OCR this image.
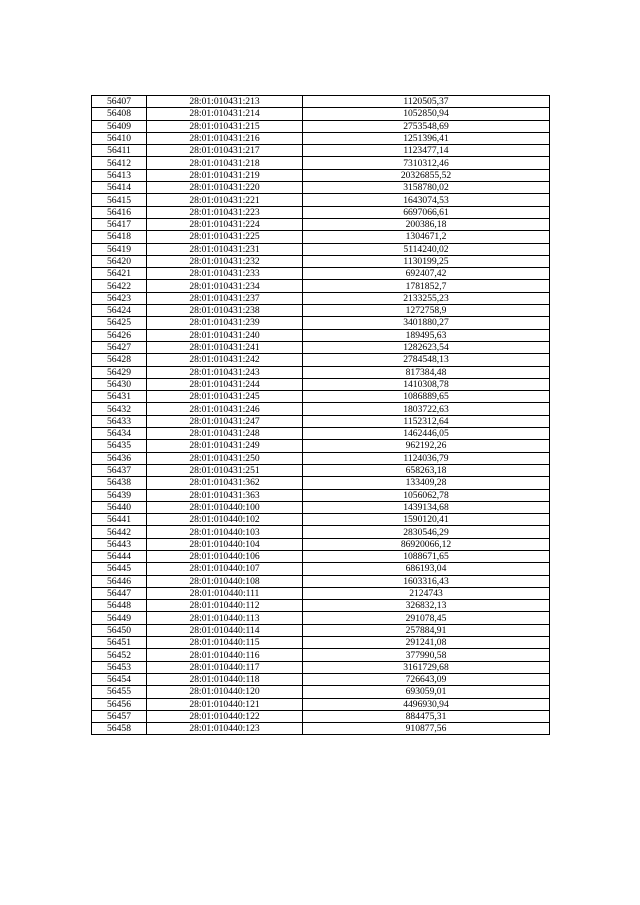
56407	28:01:010431:213	1120505,37
56408	28:01:010431:214	1052850,94
56409	28:01:010431:215	2753548,69
56410	28:01:010431:216	1251396,41
56411	28:01:010431:217	1123477,14
56412	28:01:010431:218	7310312,46
56413	28:01:010431:219	20326855,52
56414	28:01:010431:220	3158780,02
56415	28:01:010431:221	1643074,53
56416	28:01:010431:223	6697066,61
56417	28:01:010431:224	200386,18
56418	28:01:010431:225	1304671,2
56419	28:01:010431:231	5114240,02
56420	28:01:010431:232	1130199,25
56421	28:01:010431:233	692407,42
56422	28:01:010431:234	1781852,7
56423	28:01:010431:237	2133255,23
56424	28:01:010431:238	1272758,9
56425	28:01:010431:239	3401880,27
56426	28:01:010431:240	189495,63
56427	28:01:010431:241	1282623,54
56428	28:01:010431:242	2784548,13
56429	28:01:010431:243	817384,48
56430	28:01:010431:244	1410308,78
56431	28:01:010431:245	1086889,65
56432	28:01:010431:246	1803722,63
56433	28:01:010431:247	1152312,64
56434	28:01:010431:248	1462446,05
56435	28:01:010431:249	962192,26
56436	28:01:010431:250	1124036,79
56437	28:01:010431:251	658263,18
56438	28:01:010431:362	133409,28
56439	28:01:010431:363	1056062,78
56440	28:01:010440:100	1439134,68
56441	28:01:010440:102	1590120,41
56442	28:01:010440:103	2830546,29
56443	28:01:010440:104	86920066,12
56444	28:01:010440:106	1088671,65
56445	28:01:010440:107	686193,04
56446	28:01:010440:108	1603316,43
56447	28:01:010440:111	2124743
56448	28:01:010440:112	326832,13
56449	28:01:010440:113	291078,45
56450	28:01:010440:114	257884,91
56451	28:01:010440:115	291241,08
56452	28:01:010440:116	377990,58
56453	28:01:010440:117	3161729,68
56454	28:01:010440:118	726643,09
56455	28:01:010440:120	693059,01
56456	28:01:010440:121	4496930,94
56457	28:01:010440:122	884475,31
56458	28:01:010440:123	910877,56
